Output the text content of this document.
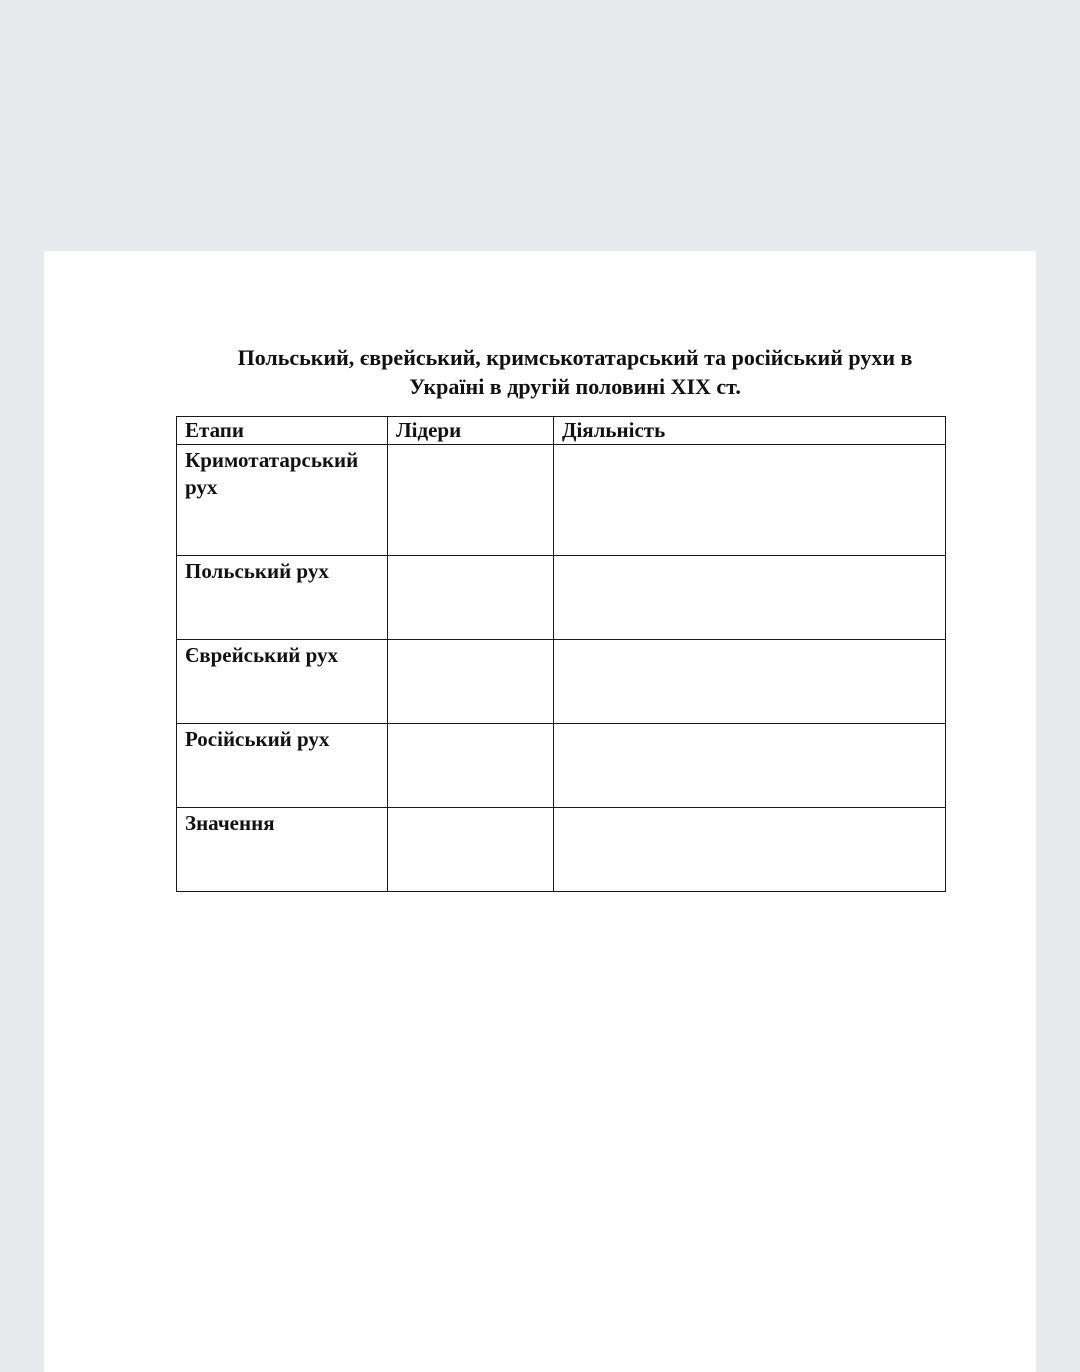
Польський, єврейський, кримськотатарський та російський рухи в
Україні в другій половині XIX ст.
Етапи	Лідери	Діяльність
Кримотатарський рух		
Польський рух		
Єврейський рух		
Російський рух		
Значення		
